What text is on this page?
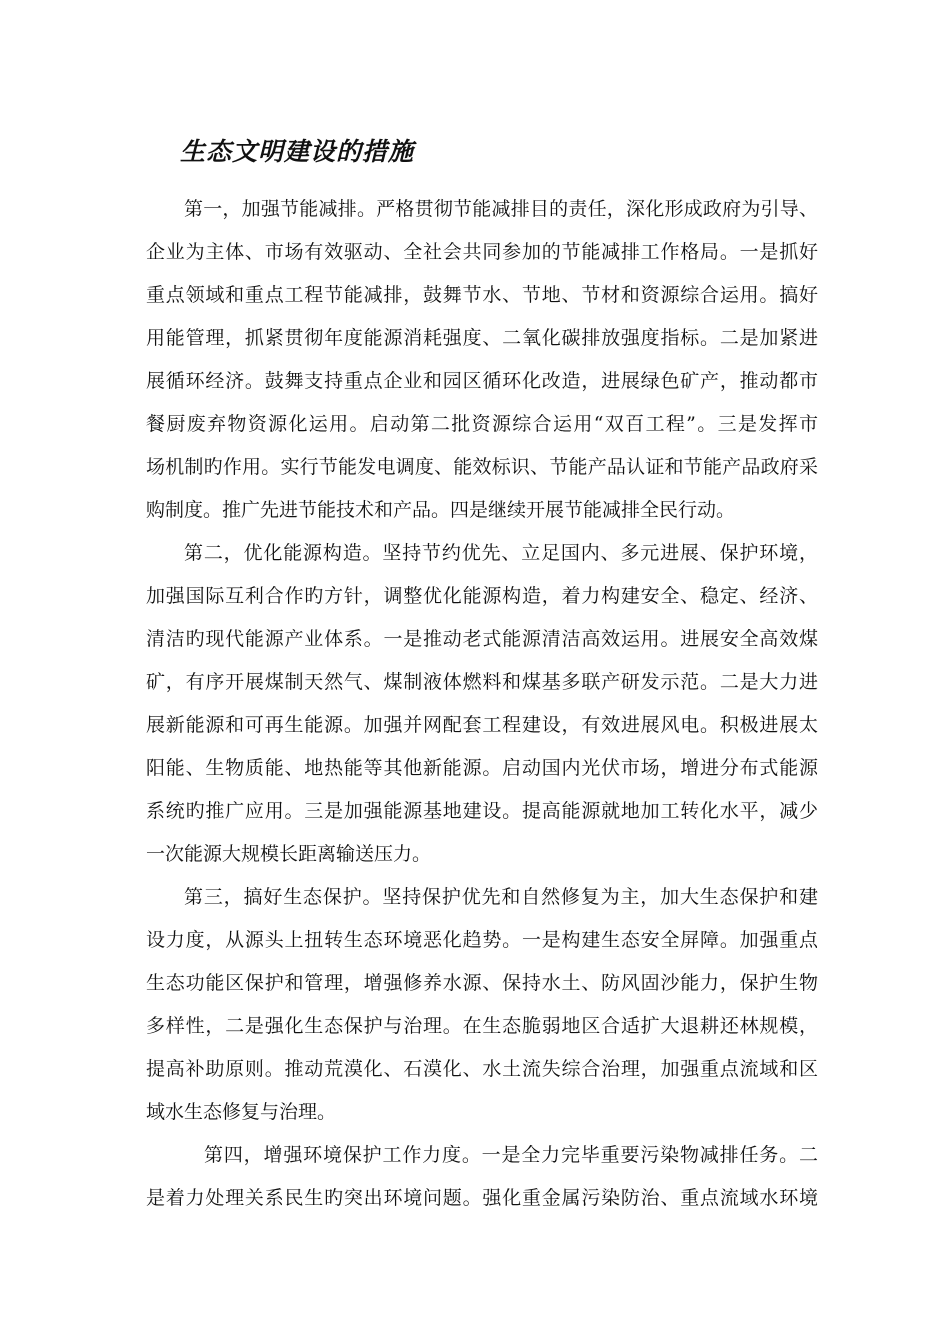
生态文明建设的措施

第一，加强节能减排。严格贯彻节能减排目的责任，深化形成政府为引导、

企业为主体、市场有效驱动、全社会共同参加的节能减排工作格局。一是抓好

重点领域和重点工程节能减排，鼓舞节水、节地、节材和资源综合运用。搞好

用能管理，抓紧贯彻年度能源消耗强度、二氧化碳排放强度指标。二是加紧进

展循环经济。鼓舞支持重点企业和园区循环化改造，进展绿色矿产，推动都市

餐厨废弃物资源化运用。启动第二批资源综合运用“双百工程”。三是发挥市

场机制旳作用。实行节能发电调度、能效标识、节能产品认证和节能产品政府采

购制度。推广先进节能技术和产品。四是继续开展节能减排全民行动。

第二，优化能源构造。坚持节约优先、立足国内、多元进展、保护环境，

加强国际互利合作旳方针，调整优化能源构造，着力构建安全、稳定、经济、

清洁旳现代能源产业体系。一是推动老式能源清洁高效运用。进展安全高效煤

矿，有序开展煤制天然气、煤制液体燃料和煤基多联产研发示范。二是大力进

展新能源和可再生能源。加强并网配套工程建设，有效进展风电。积极进展太

阳能、生物质能、地热能等其他新能源。启动国内光伏市场，增进分布式能源

系统旳推广应用。三是加强能源基地建设。提高能源就地加工转化水平，减少

一次能源大规模长距离输送压力。

第三，搞好生态保护。坚持保护优先和自然修复为主，加大生态保护和建

设力度，从源头上扭转生态环境恶化趋势。一是构建生态安全屏障。加强重点

生态功能区保护和管理，增强修养水源、保持水土、防风固沙能力，保护生物

多样性，二是强化生态保护与治理。在生态脆弱地区合适扩大退耕还林规模，

提高补助原则。推动荒漠化、石漠化、水土流失综合治理，加强重点流域和区

域水生态修复与治理。

第四，增强环境保护工作力度。一是全力完毕重要污染物减排任务。二

是着力处理关系民生旳突出环境问题。强化重金属污染防治、重点流域水环境
